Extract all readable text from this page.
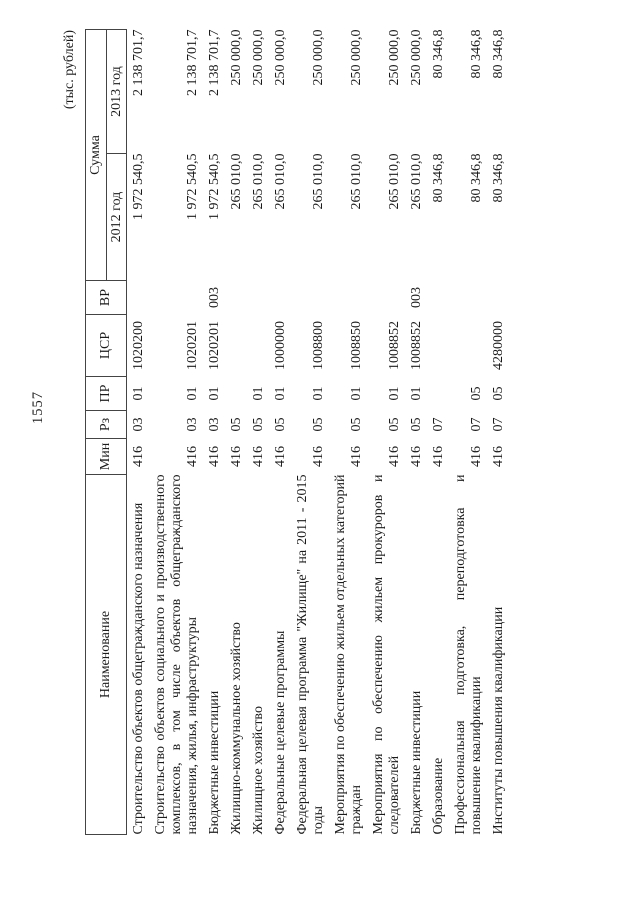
1557
(тыс. рублей)
Наименование	Мин	Рз	ПР	ЦСР	ВР	Сумма	
						2012 год	2013 год
Строительство объектов общегражданского назначения	416	03	01	1020200		1 972 540,5	2 138 701,7
Строительство объектов социального и производственного комплексов, в том числе объектов общегражданского назначения, жилья, инфраструктуры	416	03	01	1020201		1 972 540,5	2 138 701,7
Бюджетные инвестиции	416	03	01	1020201	003	1 972 540,5	2 138 701,7
Жилищно-коммунальное хозяйство	416	05				265 010,0	250 000,0
Жилищное хозяйство	416	05	01			265 010,0	250 000,0
Федеральные целевые программы	416	05	01	1000000		265 010,0	250 000,0
Федеральная целевая программа "Жилище" на 2011 - 2015 годы	416	05	01	1008800		265 010,0	250 000,0
Мероприятия по обеспечению жильем отдельных категорий граждан	416	05	01	1008850		265 010,0	250 000,0
Мероприятия по обеспечению жильем прокуроров и следователей	416	05	01	1008852		265 010,0	250 000,0
Бюджетные инвестиции	416	05	01	1008852	003	265 010,0	250 000,0
Образование	416	07				80 346,8	80 346,8
Профессиональная подготовка, переподготовка и повышение квалификации	416	07	05			80 346,8	80 346,8
Институты повышения квалификации	416	07	05	4280000		80 346,8	80 346,8
